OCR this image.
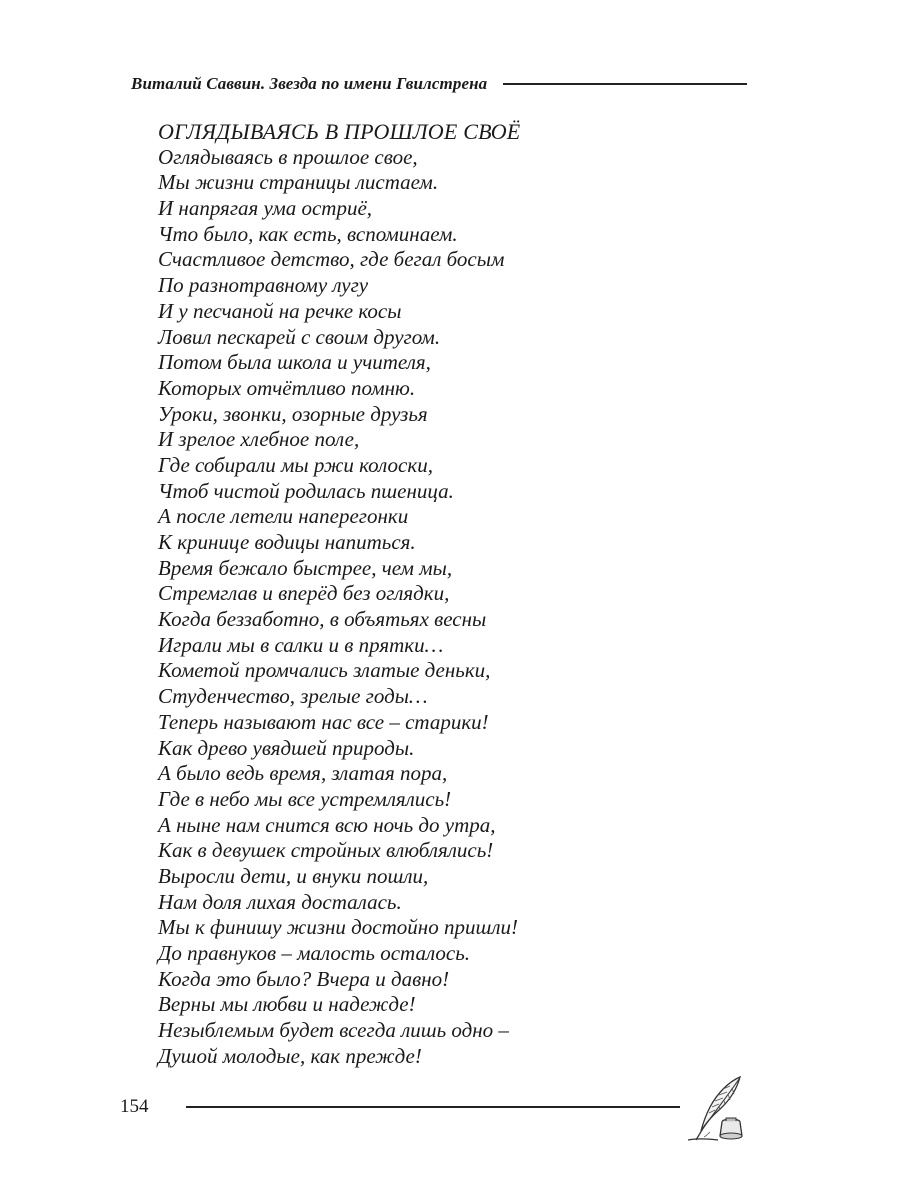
Виталий Саввин. Звезда по имени Гвилстрена
ОГЛЯДЫВАЯСЬ В ПРОШЛОЕ СВОЁ
Оглядываясь в прошлое свое,
Мы жизни страницы листаем.
И напрягая ума остриё,
Что было, как есть, вспоминаем.
Счастливое детство, где бегал босым
По разнотравному лугу
И у песчаной на речке косы
Ловил пескарей с своим другом.
Потом была школа и учителя,
Которых отчётливо помню.
Уроки, звонки, озорные друзья
И зрелое хлебное поле,
Где собирали мы ржи колоски,
Чтоб чистой родилась пшеница.
А после летели наперегонки
К кринице водицы напиться.
Время бежало быстрее, чем мы,
Стремглав и вперёд без оглядки,
Когда беззаботно, в объятьях весны
Играли мы в салки и в прятки…
Кометой промчались златые деньки,
Студенчество, зрелые годы…
Теперь называют нас все – старики!
Как древо увядшей природы.
А было ведь время, златая пора,
Где в небо мы все устремлялись!
А ныне нам снится всю ночь до утра,
Как в девушек стройных влюблялись!
Выросли дети, и внуки пошли,
Нам доля лихая досталась.
Мы к финишу жизни достойно пришли!
До правнуков – малость осталось.
Когда это было? Вчера и давно!
Верны мы любви и надежде!
Незыблемым будет всегда лишь одно –
Душой молодые, как прежде!
154
